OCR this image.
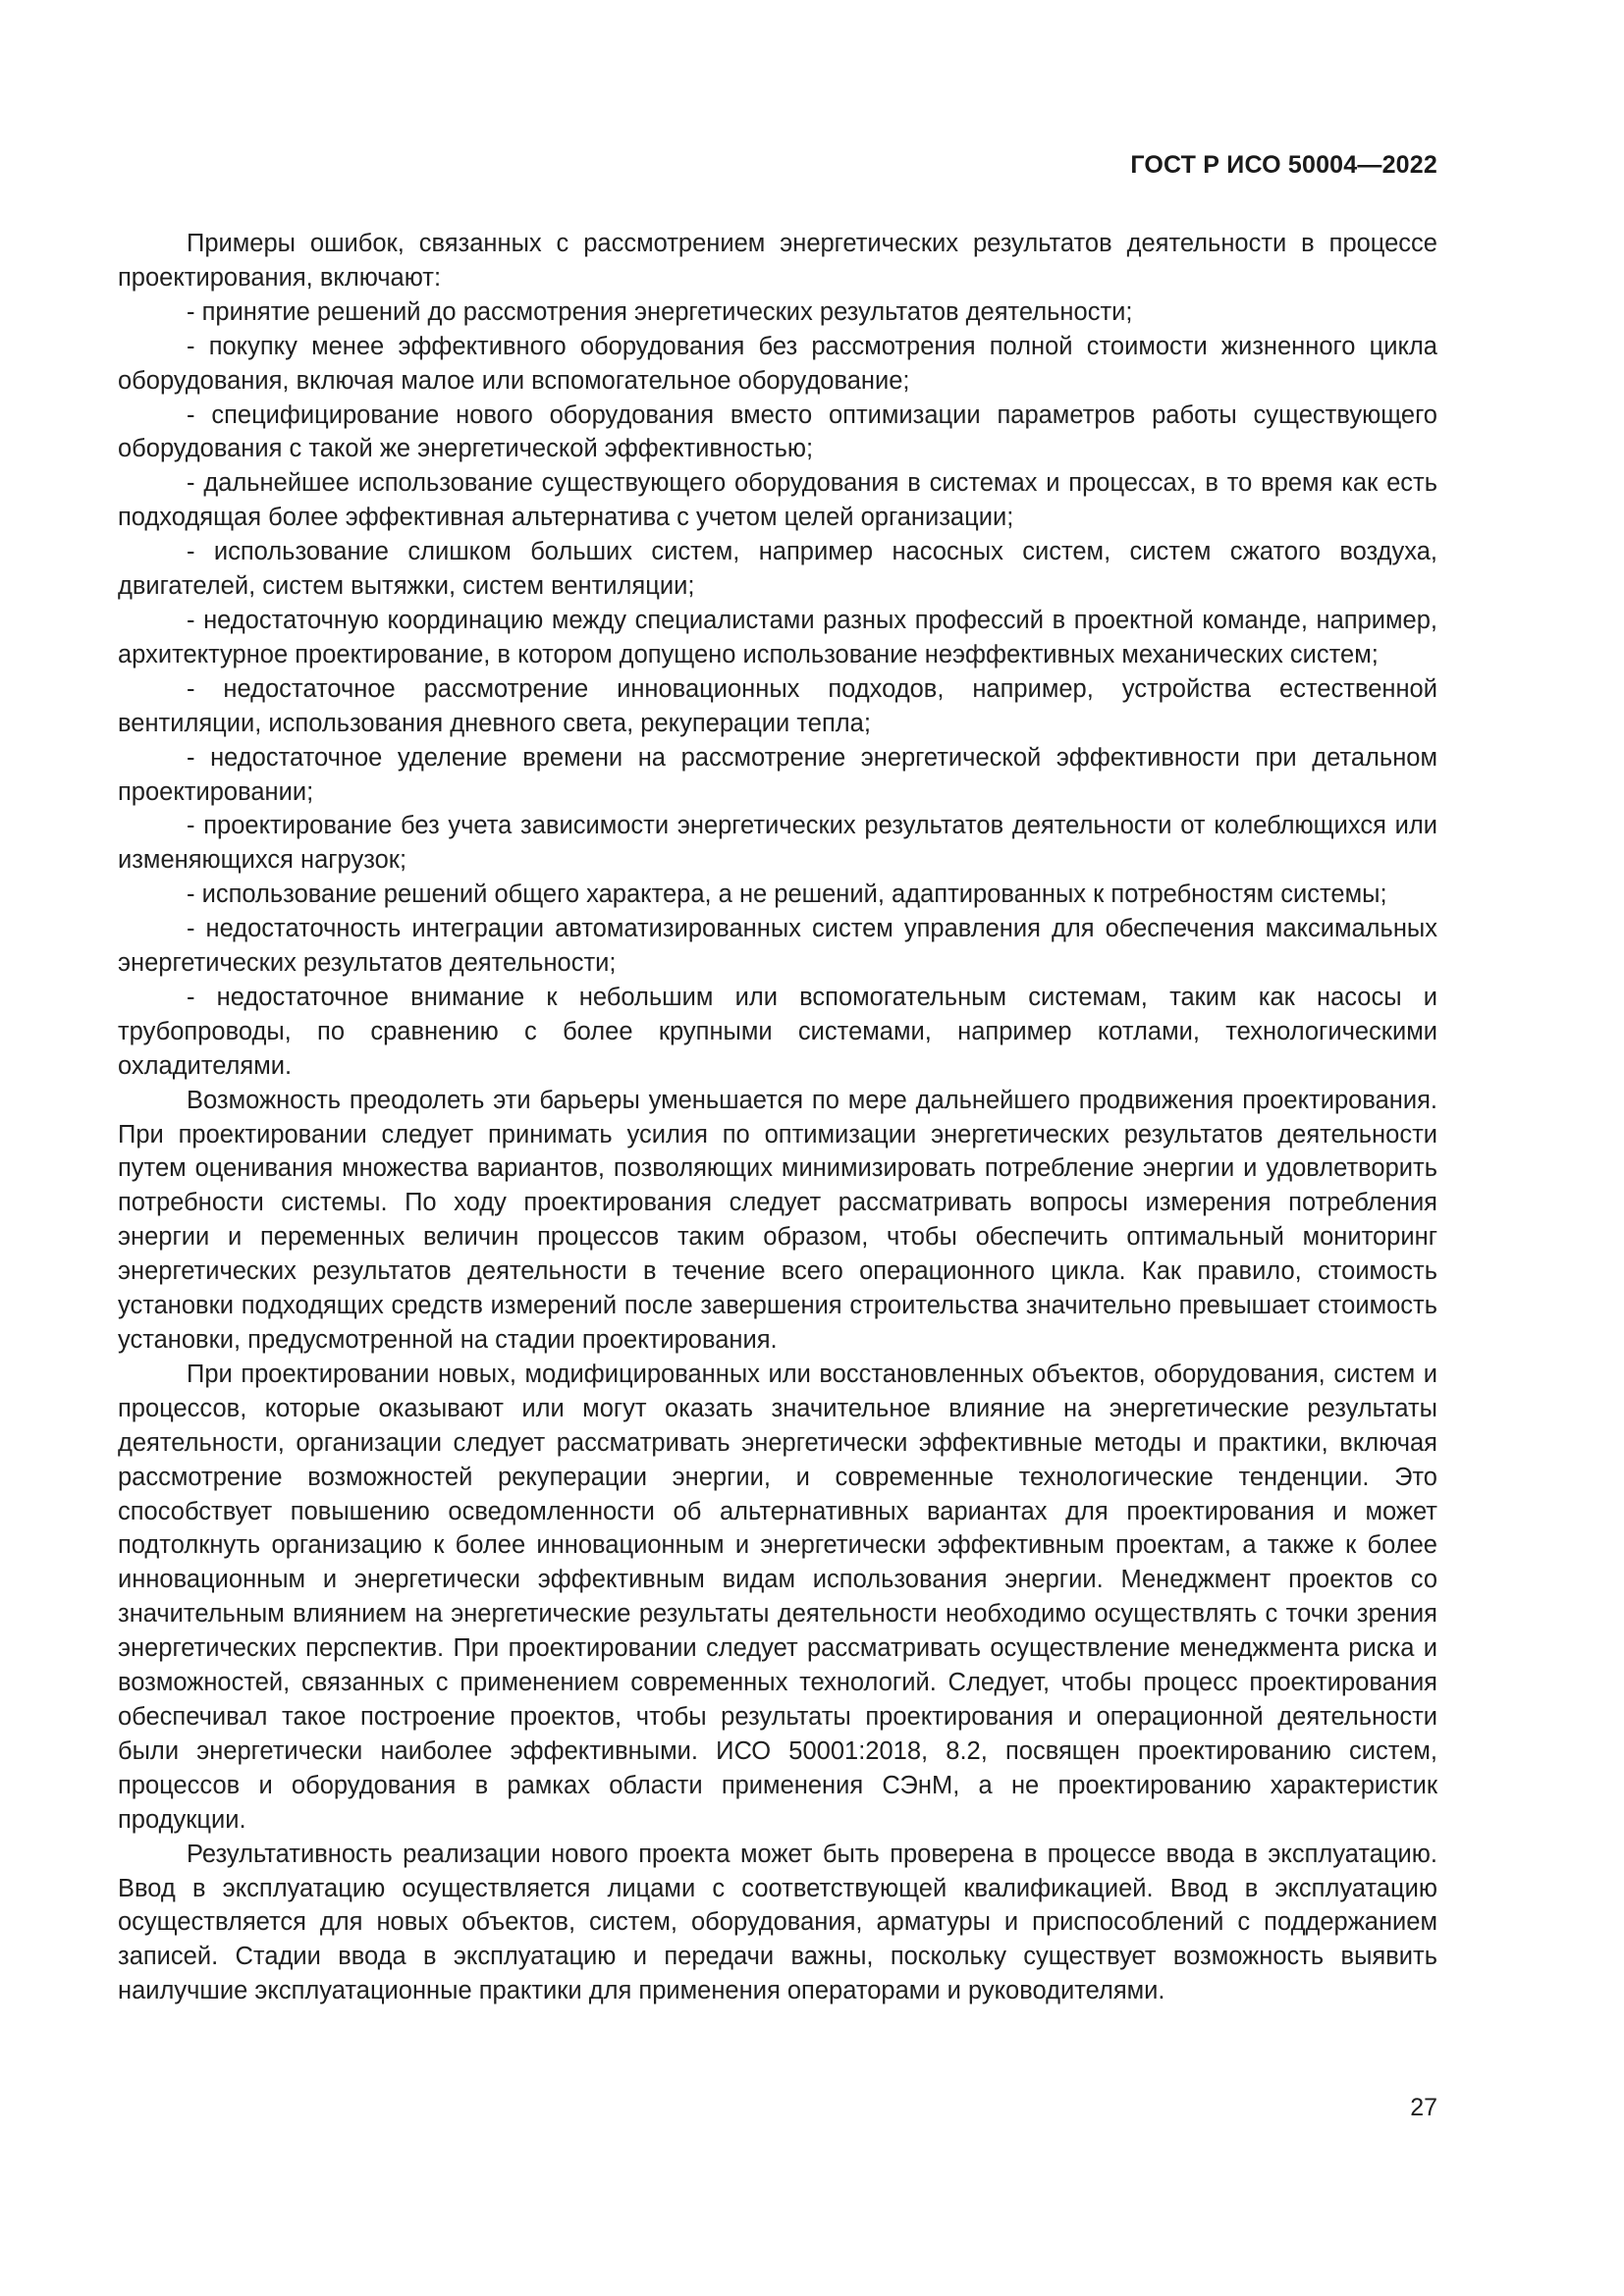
ГОСТ Р ИСО 50004—2022

Примеры ошибок, связанных с рассмотрением энергетических результатов деятельности в процессе проектирования, включают:

- принятие решений до рассмотрения энергетических результатов деятельности;

- покупку менее эффективного оборудования без рассмотрения полной стоимости жизненного цикла оборудования, включая малое или вспомогательное оборудование;

- специфицирование нового оборудования вместо оптимизации параметров работы существующего оборудования с такой же энергетической эффективностью;

- дальнейшее использование существующего оборудования в системах и процессах, в то время как есть подходящая более эффективная альтернатива с учетом целей организации;

- использование слишком больших систем, например насосных систем, систем сжатого воздуха, двигателей, систем вытяжки, систем вентиляции;

- недостаточную координацию между специалистами разных профессий в проектной команде, например, архитектурное проектирование, в котором допущено использование неэффективных механических систем;

- недостаточное рассмотрение инновационных подходов, например, устройства естественной вентиляции, использования дневного света, рекуперации тепла;

- недостаточное уделение времени на рассмотрение энергетической эффективности при детальном проектировании;

- проектирование без учета зависимости энергетических результатов деятельности от колеблющихся или изменяющихся нагрузок;

- использование решений общего характера, а не решений, адаптированных к потребностям системы;

- недостаточность интеграции автоматизированных систем управления для обеспечения максимальных энергетических результатов деятельности;

- недостаточное внимание к небольшим или вспомогательным системам, таким как насосы и трубопроводы, по сравнению с более крупными системами, например котлами, технологическими охладителями.

Возможность преодолеть эти барьеры уменьшается по мере дальнейшего продвижения проектирования. При проектировании следует принимать усилия по оптимизации энергетических результатов деятельности путем оценивания множества вариантов, позволяющих минимизировать потребление энергии и удовлетворить потребности системы. По ходу проектирования следует рассматривать вопросы измерения потребления энергии и переменных величин процессов таким образом, чтобы обеспечить оптимальный мониторинг энергетических результатов деятельности в течение всего операционного цикла. Как правило, стоимость установки подходящих средств измерений после завершения строительства значительно превышает стоимость установки, предусмотренной на стадии проектирования.

При проектировании новых, модифицированных или восстановленных объектов, оборудования, систем и процессов, которые оказывают или могут оказать значительное влияние на энергетические результаты деятельности, организации следует рассматривать энергетически эффективные методы и практики, включая рассмотрение возможностей рекуперации энергии, и современные технологические тенденции. Это способствует повышению осведомленности об альтернативных вариантах для проектирования и может подтолкнуть организацию к более инновационным и энергетически эффективным проектам, а также к более инновационным и энергетически эффективным видам использования энергии. Менеджмент проектов со значительным влиянием на энергетические результаты деятельности необходимо осуществлять с точки зрения энергетических перспектив. При проектировании следует рассматривать осуществление менеджмента риска и возможностей, связанных с применением современных технологий. Следует, чтобы процесс проектирования обеспечивал такое построение проектов, чтобы результаты проектирования и операционной деятельности были энергетически наиболее эффективными. ИСО 50001:2018, 8.2, посвящен проектированию систем, процессов и оборудования в рамках области применения СЭнМ, а не проектированию характеристик продукции.

Результативность реализации нового проекта может быть проверена в процессе ввода в эксплуатацию. Ввод в эксплуатацию осуществляется лицами с соответствующей квалификацией. Ввод в эксплуатацию осуществляется для новых объектов, систем, оборудования, арматуры и приспособлений с поддержанием записей. Стадии ввода в эксплуатацию и передачи важны, поскольку существует возможность выявить наилучшие эксплуатационные практики для применения операторами и руководителями.

27
